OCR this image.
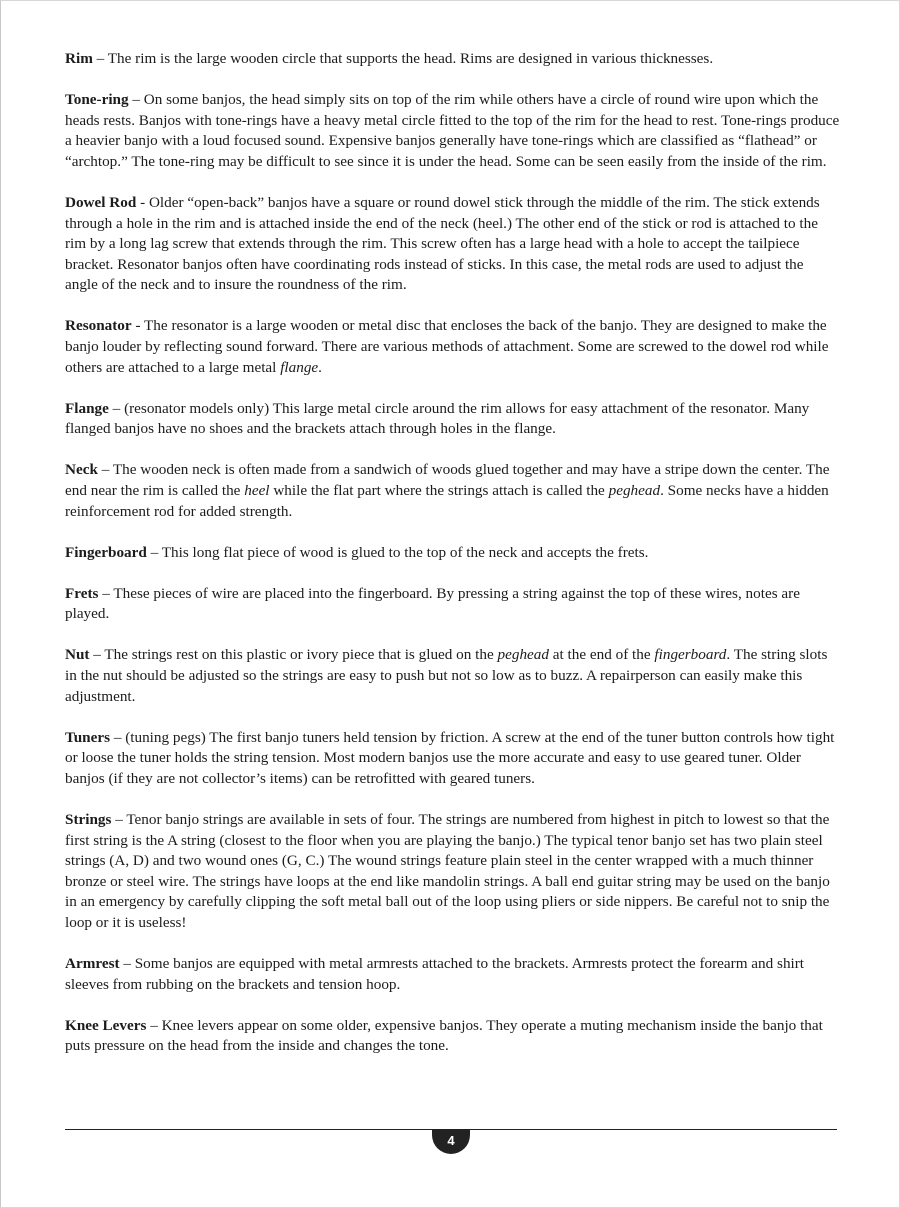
Rim – The rim is the large wooden circle that supports the head. Rims are designed in various thicknesses.

Tone-ring – On some banjos, the head simply sits on top of the rim while others have a circle of round wire upon which the heads rests. Banjos with tone-rings have a heavy metal circle fitted to the top of the rim for the head to rest. Tone-rings produce a heavier banjo with a loud focused sound. Expensive banjos generally have tone-rings which are classified as “flathead” or “archtop.” The tone-ring may be difficult to see since it is under the head. Some can be seen easily from the inside of the rim.

Dowel Rod - Older “open-back” banjos have a square or round dowel stick through the middle of the rim. The stick extends through a hole in the rim and is attached inside the end of the neck (heel.) The other end of the stick or rod is attached to the rim by a long lag screw that extends through the rim. This screw often has a large head with a hole to accept the tailpiece bracket. Resonator banjos often have coordinating rods instead of sticks. In this case, the metal rods are used to adjust the angle of the neck and to insure the roundness of the rim.

Resonator - The resonator is a large wooden or metal disc that encloses the back of the banjo. They are designed to make the banjo louder by reflecting sound forward. There are various methods of attachment. Some are screwed to the dowel rod while others are attached to a large metal flange.

Flange – (resonator models only) This large metal circle around the rim allows for easy attachment of the resonator. Many flanged banjos have no shoes and the brackets attach through holes in the flange.

Neck – The wooden neck is often made from a sandwich of woods glued together and may have a stripe down the center. The end near the rim is called the heel while the flat part where the strings attach is called the peghead. Some necks have a hidden reinforcement rod for added strength.

Fingerboard – This long flat piece of wood is glued to the top of the neck and accepts the frets.

Frets – These pieces of wire are placed into the fingerboard. By pressing a string against the top of these wires, notes are played.

Nut – The strings rest on this plastic or ivory piece that is glued on the peghead at the end of the fingerboard. The string slots in the nut should be adjusted so the strings are easy to push but not so low as to buzz. A repairperson can easily make this adjustment.

Tuners – (tuning pegs) The first banjo tuners held tension by friction. A screw at the end of the tuner button controls how tight or loose the tuner holds the string tension. Most modern banjos use the more accurate and easy to use geared tuner. Older banjos (if they are not collector’s items) can be retrofitted with geared tuners.

Strings – Tenor banjo strings are available in sets of four. The strings are numbered from highest in pitch to lowest so that the first string is the A string (closest to the floor when you are playing the banjo.) The typical tenor banjo set has two plain steel strings (A, D) and two wound ones (G, C.) The wound strings feature plain steel in the center wrapped with a much thinner bronze or steel wire. The strings have loops at the end like mandolin strings. A ball end guitar string may be used on the banjo in an emergency by carefully clipping the soft metal ball out of the loop using pliers or side nippers. Be careful not to snip the loop or it is useless!

Armrest – Some banjos are equipped with metal armrests attached to the brackets. Armrests protect the forearm and shirt sleeves from rubbing on the brackets and tension hoop.

Knee Levers – Knee levers appear on some older, expensive banjos. They operate a muting mechanism inside the banjo that puts pressure on the head from the inside and changes the tone.

4
